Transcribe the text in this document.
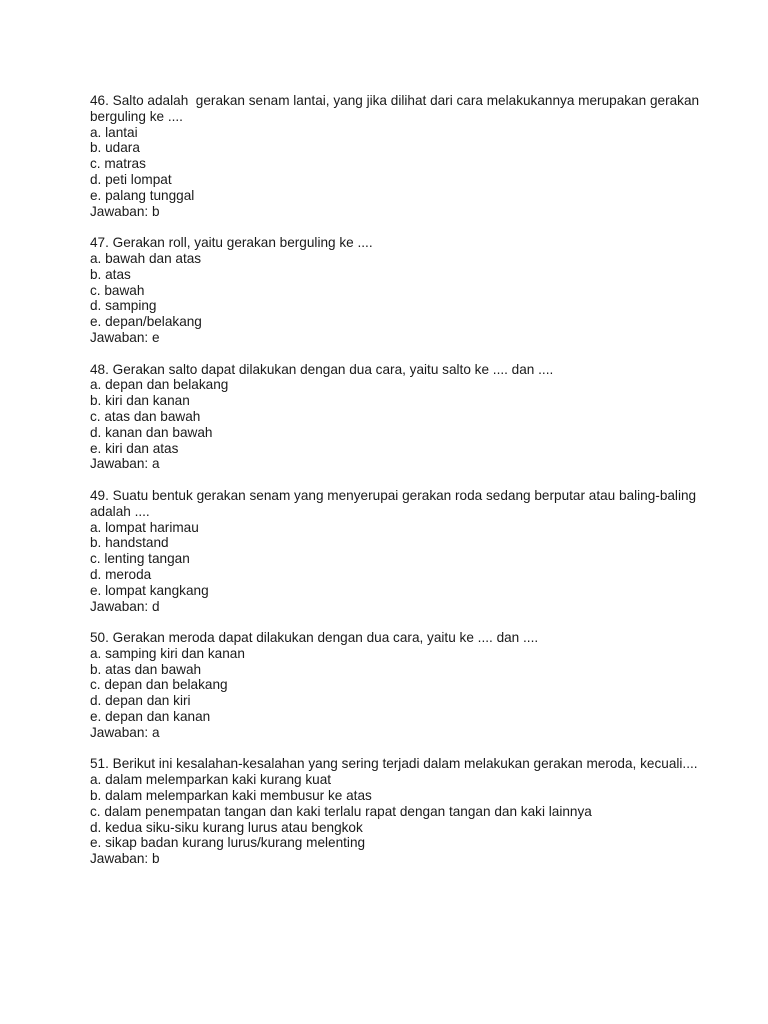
46. Salto adalah  gerakan senam lantai, yang jika dilihat dari cara melakukannya merupakan gerakan berguling ke ....

a. lantai

b. udara

c. matras

d. peti lompat

e. palang tunggal

Jawaban: b

47. Gerakan roll, yaitu gerakan berguling ke ....

a. bawah dan atas

b. atas

c. bawah

d. samping

e. depan/belakang

Jawaban: e

48. Gerakan salto dapat dilakukan dengan dua cara, yaitu salto ke .... dan ....

a. depan dan belakang

b. kiri dan kanan

c. atas dan bawah

d. kanan dan bawah

e. kiri dan atas

Jawaban: a

49. Suatu bentuk gerakan senam yang menyerupai gerakan roda sedang berputar atau baling-baling adalah ....

a. lompat harimau

b. handstand

c. lenting tangan

d. meroda

e. lompat kangkang

Jawaban: d

50. Gerakan meroda dapat dilakukan dengan dua cara, yaitu ke .... dan ....

a. samping kiri dan kanan

b. atas dan bawah

c. depan dan belakang

d. depan dan kiri

e. depan dan kanan

Jawaban: a

51. Berikut ini kesalahan-kesalahan yang sering terjadi dalam melakukan gerakan meroda, kecuali....

a. dalam melemparkan kaki kurang kuat

b. dalam melemparkan kaki membusur ke atas

c. dalam penempatan tangan dan kaki terlalu rapat dengan tangan dan kaki lainnya

d. kedua siku-siku kurang lurus atau bengkok

e. sikap badan kurang lurus/kurang melenting

Jawaban: b
